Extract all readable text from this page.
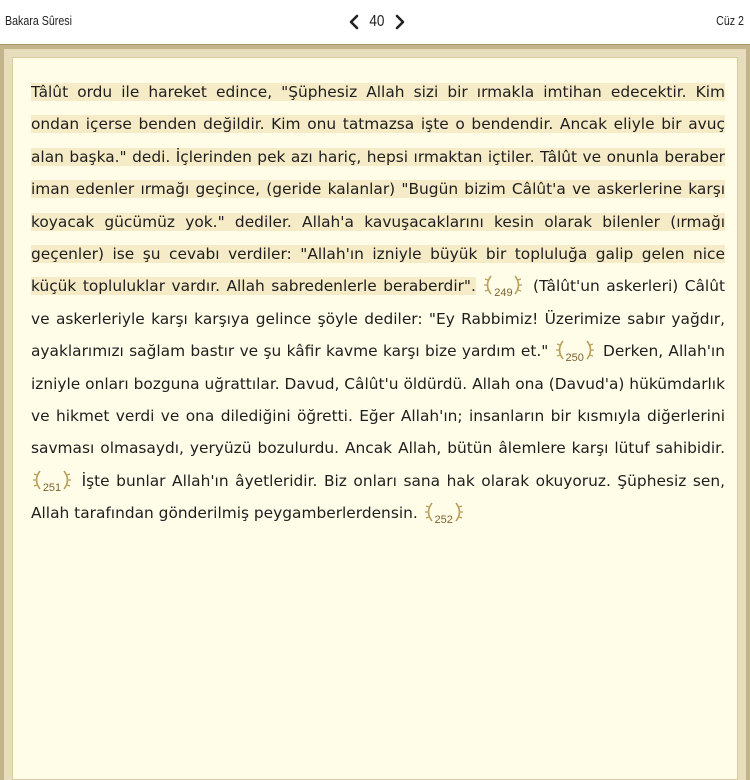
Bakara Sûresi	40	Cüz 2

Tâlût ordu ile hareket edince, "Şüphesiz Allah sizi bir ırmakla imtihan edecektir. Kim ondan içerse benden değildir. Kim onu tatmazsa işte o bendendir. Ancak eliyle bir avuç alan başka." dedi. İçlerinden pek azı hariç, hepsi ırmaktan içtiler. Tâlût ve onunla beraber iman edenler ırmağı geçince, (geride kalanlar) "Bugün bizim Câlût'a ve askerlerine karşı koyacak gücümüz yok." dediler. Allah'a kavuşacaklarını kesin olarak bilenler (ırmağı geçenler) ise şu cevabı verdiler: "Allah'ın izniyle büyük bir topluluğa galip gelen nice küçük topluluklar vardır. Allah sabredenlerle beraberdir".	249	(Tâlût'un askerleri) Câlût ve askerleriyle karşı karşıya gelince şöyle dediler: "Ey Rabbimiz! Üzerimize sabır yağdır, ayaklarımızı sağlam bastır ve şu kâfir kavme karşı bize yardım et."	250	Derken, Allah'ın izniyle onları bozguna uğrattılar. Davud, Câlût'u öldürdü. Allah ona (Davud'a) hükümdarlık ve hikmet verdi ve ona dilediğini öğretti. Eğer Allah'ın; insanların bir kısmıyla diğerlerini savması olmasaydı, yeryüzü bozulurdu. Ancak Allah, bütün âlemlere karşı lütuf sahibidir.
251	İşte bunlar Allah'ın âyetleridir. Biz onları sana hak olarak okuyoruz. Şüphesiz sen, Allah tarafından gönderilmiş peygamberlerdensin.	252
